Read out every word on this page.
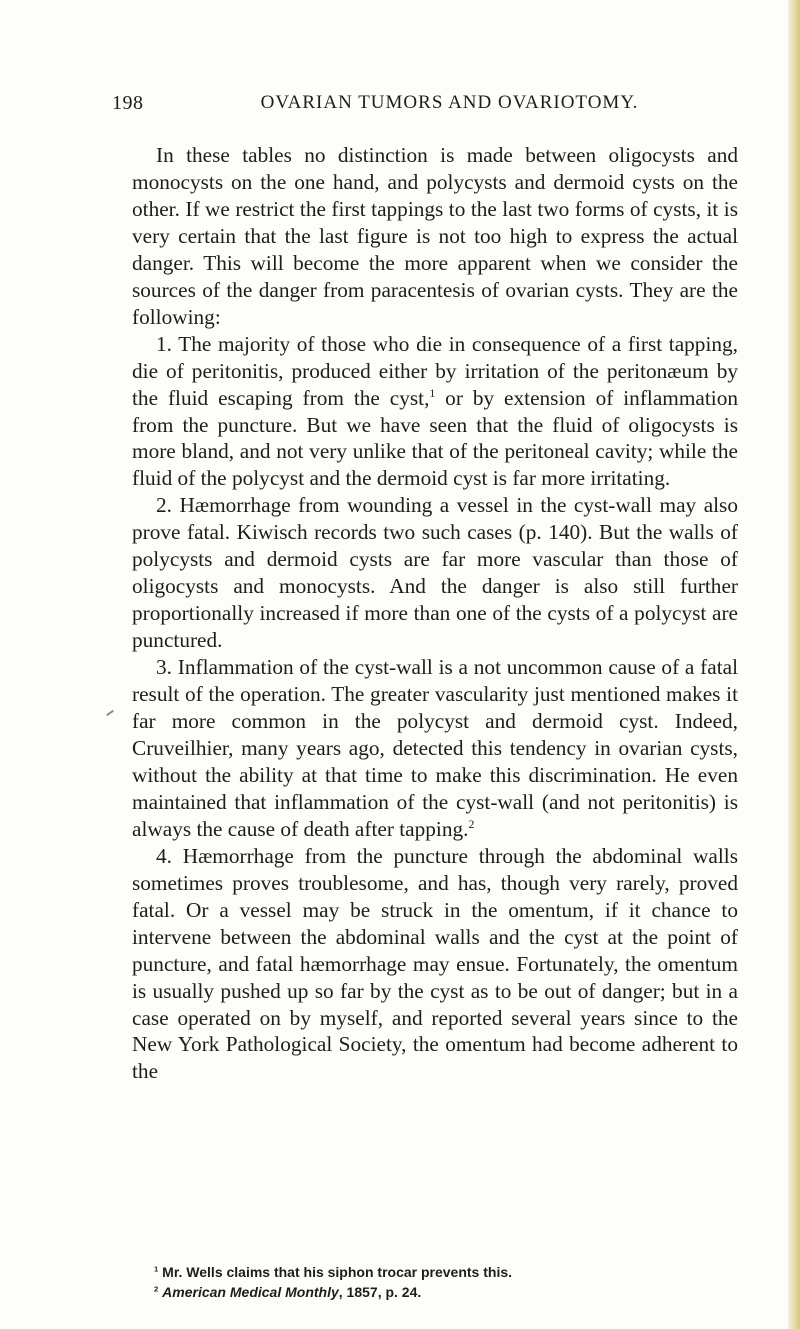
198	OVARIAN TUMORS AND OVARIOTOMY.

In these tables no distinction is made between oligocysts and monocysts on the one hand, and polycysts and dermoid cysts on the other. If we restrict the first tappings to the last two forms of cysts, it is very certain that the last figure is not too high to express the actual danger. This will become the more apparent when we consider the sources of the danger from paracentesis of ovarian cysts. They are the following:

1. The majority of those who die in consequence of a first tapping, die of peritonitis, produced either by irritation of the peritonæum by the fluid escaping from the cyst,$^1$ or by extension of inflammation from the puncture. But we have seen that the fluid of oligocysts is more bland, and not very unlike that of the peritoneal cavity; while the fluid of the polycyst and the dermoid cyst is far more irritating.

2. Hæmorrhage from wounding a vessel in the cyst-wall may also prove fatal. Kiwisch records two such cases (p. 140). But the walls of polycysts and dermoid cysts are far more vascular than those of oligocysts and monocysts. And the danger is also still further proportionally increased if more than one of the cysts of a polycyst are punctured.

3. Inflammation of the cyst-wall is a not uncommon cause of a fatal result of the operation. The greater vascularity just mentioned makes it far more common in the polycyst and dermoid cyst. Indeed, Cruveilhier, many years ago, detected this tendency in ovarian cysts, without the ability at that time to make this discrimination. He even maintained that inflammation of the cyst-wall (and not peritonitis) is always the cause of death after tapping.$^2$

4. Hæmorrhage from the puncture through the abdominal walls sometimes proves troublesome, and has, though very rarely, proved fatal. Or a vessel may be struck in the omentum, if it chance to intervene between the abdominal walls and the cyst at the point of puncture, and fatal hæmorrhage may ensue. Fortunately, the omentum is usually pushed up so far by the cyst as to be out of danger; but in a case operated on by myself, and reported several years since to the New York Pathological Society, the omentum had become adherent to the

$^1$ Mr. Wells claims that his siphon trocar prevents this.

$^2$ American Medical Monthly, 1857, p. 24.
